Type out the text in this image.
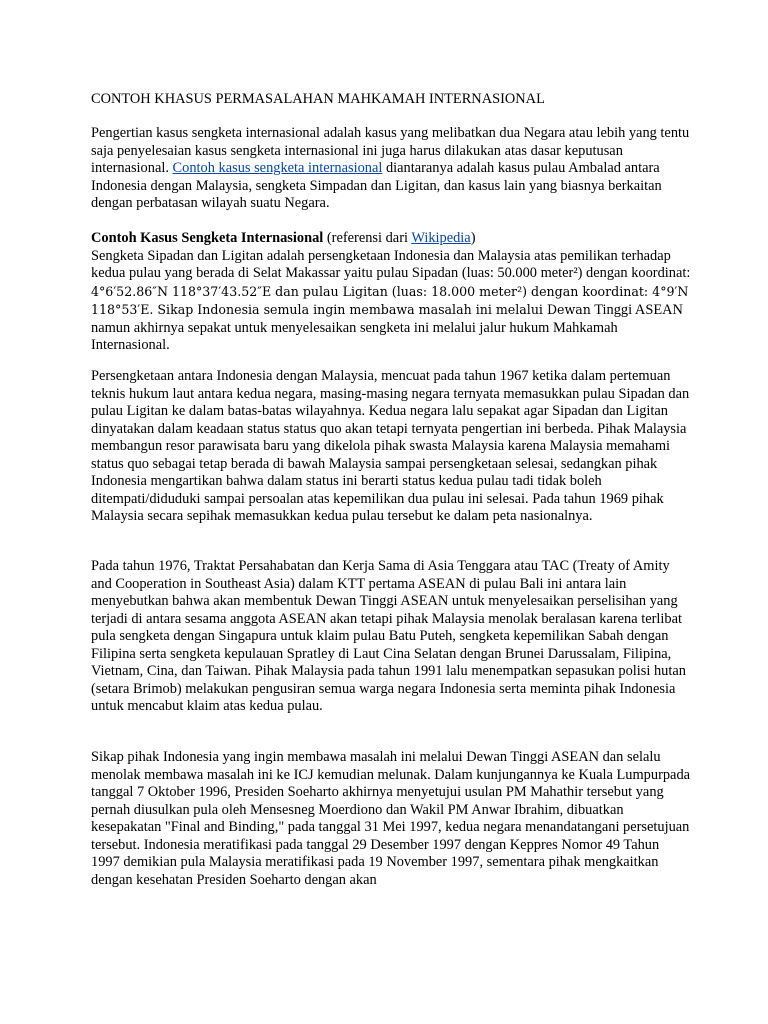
CONTOH KHASUS PERMASALAHAN MAHKAMAH INTERNASIONAL

Pengertian kasus sengketa internasional adalah kasus yang melibatkan dua Negara atau lebih yang tentu saja penyelesaian kasus sengketa internasional ini juga harus dilakukan atas dasar keputusan internasional. Contoh kasus sengketa internasional diantaranya adalah kasus pulau Ambalad antara Indonesia dengan Malaysia, sengketa Simpadan dan Ligitan, dan kasus lain yang biasnya berkaitan dengan perbatasan wilayah suatu Negara.

Contoh Kasus Sengketa Internasional (referensi dari Wikipedia)
Sengketa Sipadan dan Ligitan adalah persengketaan Indonesia dan Malaysia atas pemilikan terhadap kedua pulau yang berada di Selat Makassar yaitu pulau Sipadan (luas: 50.000 meter²) dengan koordinat: 4°6′52.86″N 118°37′43.52″E dan pulau Ligitan (luas: 18.000 meter²) dengan koordinat: 4°9′N 118°53′E. Sikap Indonesia semula ingin membawa masalah ini melalui Dewan Tinggi ASEAN namun akhirnya sepakat untuk menyelesaikan sengketa ini melalui jalur hukum Mahkamah Internasional.

Persengketaan antara Indonesia dengan Malaysia, mencuat pada tahun 1967 ketika dalam pertemuan teknis hukum laut antara kedua negara, masing-masing negara ternyata memasukkan pulau Sipadan dan pulau Ligitan ke dalam batas-batas wilayahnya. Kedua negara lalu sepakat agar Sipadan dan Ligitan dinyatakan dalam keadaan status status quo akan tetapi ternyata pengertian ini berbeda. Pihak Malaysia membangun resor parawisata baru yang dikelola pihak swasta Malaysia karena Malaysia memahami status quo sebagai tetap berada di bawah Malaysia sampai persengketaan selesai, sedangkan pihak Indonesia mengartikan bahwa dalam status ini berarti status kedua pulau tadi tidak boleh ditempati/diduduki sampai persoalan atas kepemilikan dua pulau ini selesai. Pada tahun 1969 pihak Malaysia secara sepihak memasukkan kedua pulau tersebut ke dalam peta nasionalnya.

Pada tahun 1976, Traktat Persahabatan dan Kerja Sama di Asia Tenggara atau TAC (Treaty of Amity and Cooperation in Southeast Asia) dalam KTT pertama ASEAN di pulau Bali ini antara lain menyebutkan bahwa akan membentuk Dewan Tinggi ASEAN untuk menyelesaikan perselisihan yang terjadi di antara sesama anggota ASEAN akan tetapi pihak Malaysia menolak beralasan karena terlibat pula sengketa dengan Singapura untuk klaim pulau Batu Puteh, sengketa kepemilikan Sabah dengan Filipina serta sengketa kepulauan Spratley di Laut Cina Selatan dengan Brunei Darussalam, Filipina, Vietnam, Cina, dan Taiwan. Pihak Malaysia pada tahun 1991 lalu menempatkan sepasukan polisi hutan (setara Brimob) melakukan pengusiran semua warga negara Indonesia serta meminta pihak Indonesia untuk mencabut klaim atas kedua pulau.

Sikap pihak Indonesia yang ingin membawa masalah ini melalui Dewan Tinggi ASEAN dan selalu menolak membawa masalah ini ke ICJ kemudian melunak. Dalam kunjungannya ke Kuala Lumpurpada tanggal 7 Oktober 1996, Presiden Soeharto akhirnya menyetujui usulan PM Mahathir tersebut yang pernah diusulkan pula oleh Mensesneg Moerdiono dan Wakil PM Anwar Ibrahim, dibuatkan kesepakatan "Final and Binding," pada tanggal 31 Mei 1997, kedua negara menandatangani persetujuan tersebut. Indonesia meratifikasi pada tanggal 29 Desember 1997 dengan Keppres Nomor 49 Tahun 1997 demikian pula Malaysia meratifikasi pada 19 November 1997, sementara pihak mengkaitkan dengan kesehatan Presiden Soeharto dengan akan
